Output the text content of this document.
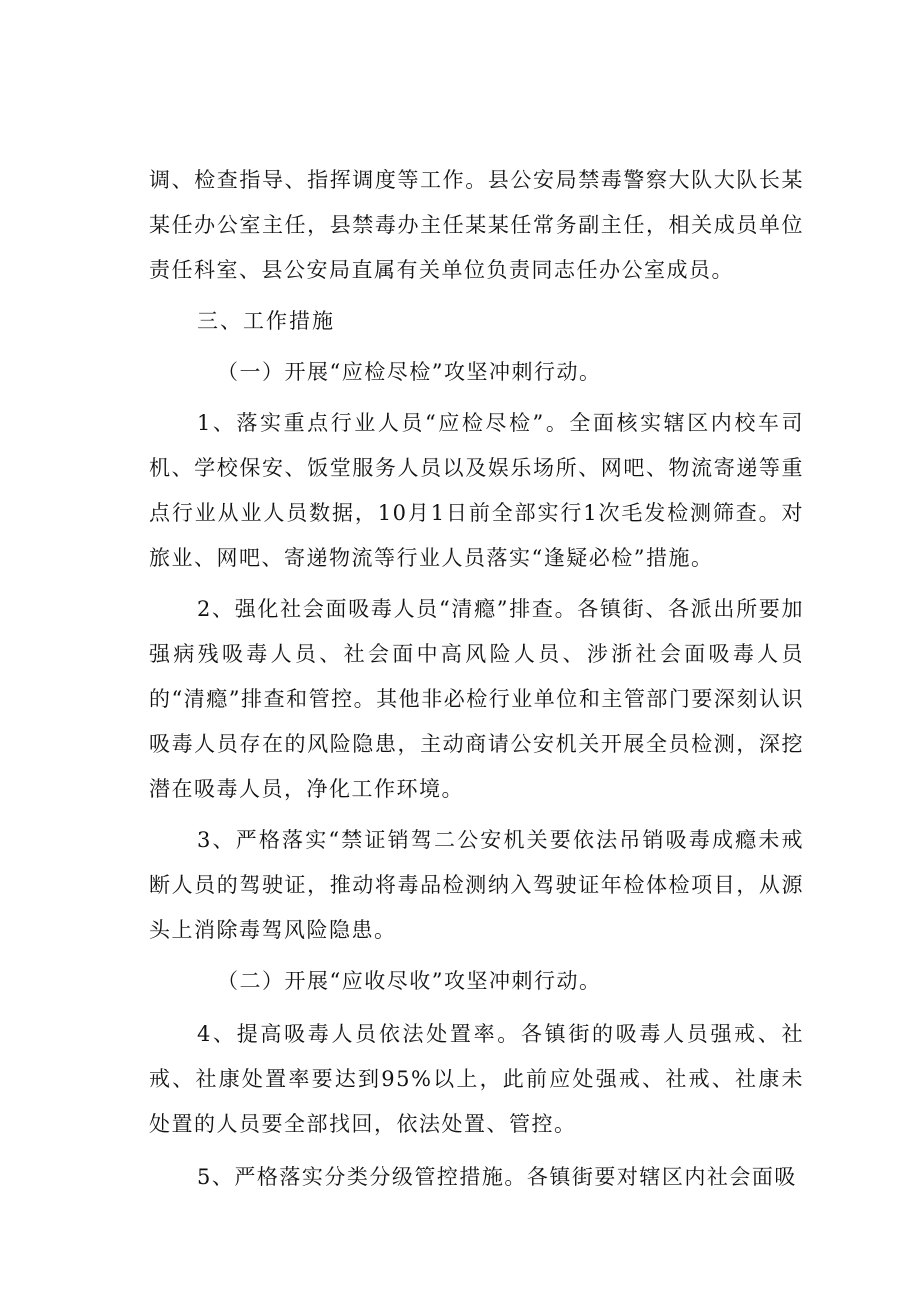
调、检查指导、指挥调度等工作。县公安局禁毒警察大队大队长某某任办公室主任，县禁毒办主任某某任常务副主任，相关成员单位责任科室、县公安局直属有关单位负责同志任办公室成员。

三、工作措施

（一）开展“应检尽检”攻坚冲刺行动。

1、落实重点行业人员“应检尽检”。全面核实辖区内校车司机、学校保安、饭堂服务人员以及娱乐场所、网吧、物流寄递等重点行业从业人员数据，10月1日前全部实行1次毛发检测筛查。对旅业、网吧、寄递物流等行业人员落实“逢疑必检”措施。

2、强化社会面吸毒人员“清瘾”排查。各镇街、各派出所要加强病残吸毒人员、社会面中高风险人员、涉浙社会面吸毒人员的“清瘾”排查和管控。其他非必检行业单位和主管部门要深刻认识吸毒人员存在的风险隐患，主动商请公安机关开展全员检测，深挖潜在吸毒人员，净化工作环境。

3、严格落实“禁证销驾二公安机关要依法吊销吸毒成瘾未戒断人员的驾驶证，推动将毒品检测纳入驾驶证年检体检项目，从源头上消除毒驾风险隐患。

（二）开展“应收尽收”攻坚冲刺行动。

4、提高吸毒人员依法处置率。各镇街的吸毒人员强戒、社戒、社康处置率要达到95%以上，此前应处强戒、社戒、社康未处置的人员要全部找回，依法处置、管控。

5、严格落实分类分级管控措施。各镇街要对辖区内社会面吸
